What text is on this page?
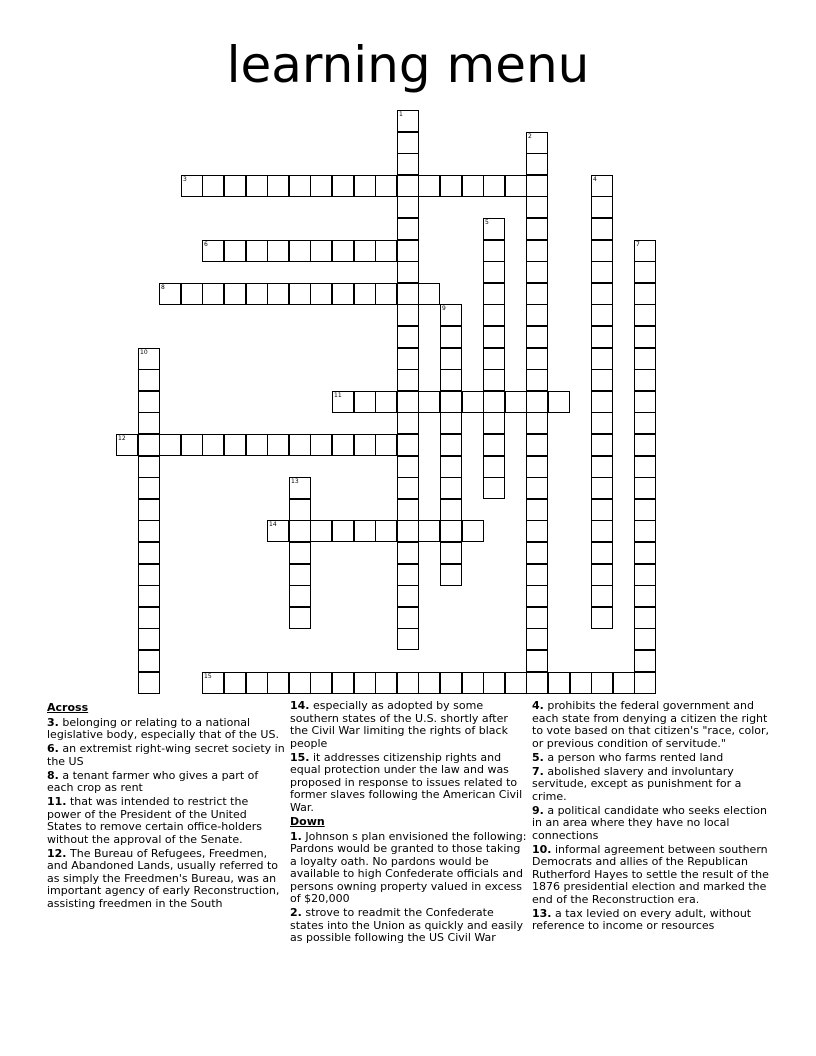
learning menu
1
2
3	4
5
6	7
8
9
10
11
12
13
14
15
Across
3. belonging or relating to a national legislative body, especially that of the US.
6. an extremist right-wing secret society in the US
8. a tenant farmer who gives a part of each crop as rent
11. that was intended to restrict the power of the President of the United States to remove certain office-holders without the approval of the Senate.
12. The Bureau of Refugees, Freedmen, and Abandoned Lands, usually referred to as simply the Freedmen's Bureau, was an important agency of early Reconstruction, assisting freedmen in the South
14. especially as adopted by some southern states of the U.S. shortly after the Civil War limiting the rights of black people
15. it addresses citizenship rights and equal protection under the law and was proposed in response to issues related to former slaves following the American Civil War.
Down
1. Johnson s plan envisioned the following: Pardons would be granted to those taking a loyalty oath. No pardons would be available to high Confederate officials and persons owning property valued in excess of $20,000
2. strove to readmit the Confederate states into the Union as quickly and easily as possible following the US Civil War
4. prohibits the federal government and each state from denying a citizen the right to vote based on that citizen's "race, color, or previous condition of servitude."
5. a person who farms rented land
7. abolished slavery and involuntary servitude, except as punishment for a crime.
9. a political candidate who seeks election in an area where they have no local connections
10. informal agreement between southern Democrats and allies of the Republican Rutherford Hayes to settle the result of the 1876 presidential election and marked the end of the Reconstruction era.
13. a tax levied on every adult, without reference to income or resources
